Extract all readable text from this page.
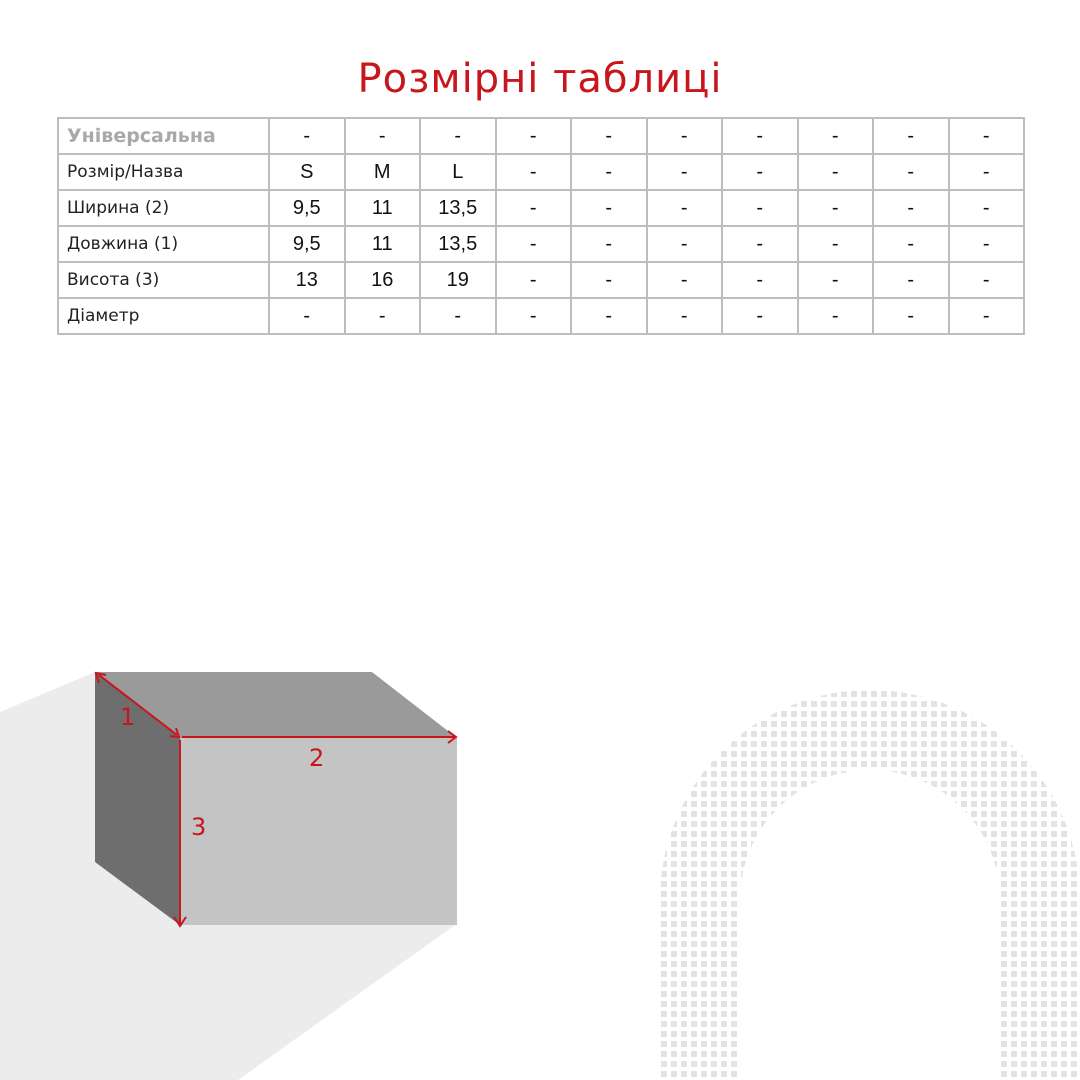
Розмірні таблиці
Універсальна	-	-	-	-	-	-	-	-	-	-
Розмір/Назва	S	M	L	-	-	-	-	-	-	-
Ширина (2)	9,5	11	13,5	-	-	-	-	-	-	-
Довжина (1)	9,5	11	13,5	-	-	-	-	-	-	-
Висота (3)	13	16	19	-	-	-	-	-	-	-
Діаметр	-	-	-	-	-	-	-	-	-	-
1
2
3
